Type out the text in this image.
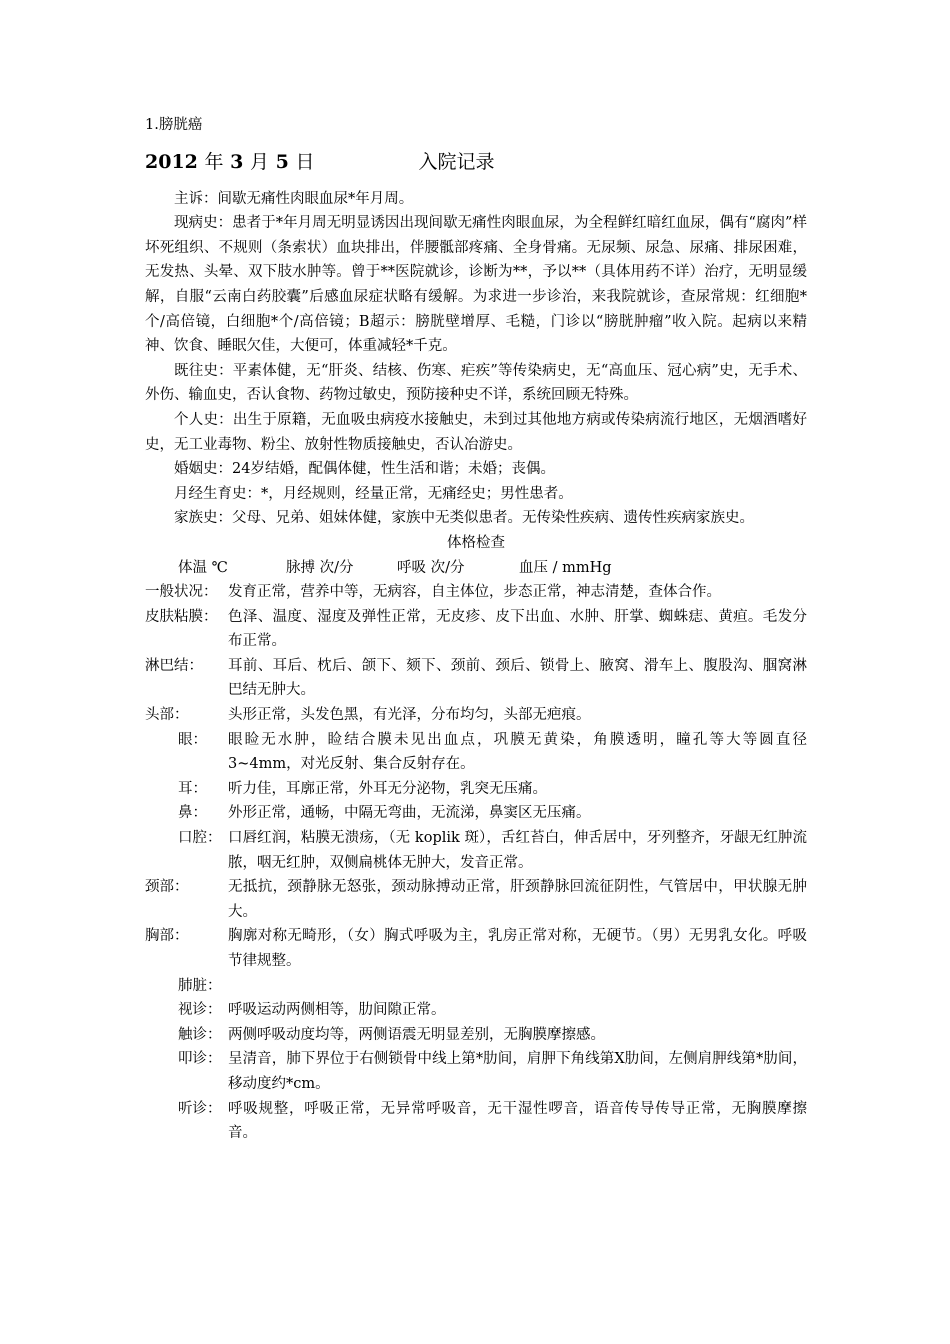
1.膀胱癌

2012 年 3 月 5 日	入院记录

主诉：间歇无痛性肉眼血尿*年月周。

现病史：患者于*年月周无明显诱因出现间歇无痛性肉眼血尿，为全程鲜红暗红血尿，偶有“腐肉”样坏死组织、不规则（条索状）血块排出，伴腰骶部疼痛、全身骨痛。无尿频、尿急、尿痛、排尿困难，无发热、头晕、双下肢水肿等。曾于**医院就诊，诊断为**，予以**（具体用药不详）治疗，无明显缓解，自服“云南白药胶囊”后感血尿症状略有缓解。为求进一步诊治，来我院就诊，查尿常规：红细胞*个/高倍镜，白细胞*个/高倍镜；B超示：膀胱壁增厚、毛糙，门诊以“膀胱肿瘤”收入院。起病以来精神、饮食、睡眠欠佳，大便可，体重减轻*千克。

既往史：平素体健，无“肝炎、结核、伤寒、疟疾”等传染病史，无“高血压、冠心病”史，无手术、外伤、输血史，否认食物、药物过敏史，预防接种史不详，系统回顾无特殊。

个人史：出生于原籍，无血吸虫病疫水接触史，未到过其他地方病或传染病流行地区，无烟酒嗜好史，无工业毒物、粉尘、放射性物质接触史，否认冶游史。

婚姻史：24岁结婚，配偶体健，性生活和谐；未婚；丧偶。

月经生育史：*，月经规则，经量正常，无痛经史；男性患者。

家族史：父母、兄弟、姐妹体健，家族中无类似患者。无传染性疾病、遗传性疾病家族史。

体格检查

体温 ℃	脉搏 次/分	呼吸 次/分	血压 / mmHg

一般状况： 发育正常，营养中等，无病容，自主体位，步态正常，神志清楚，查体合作。
皮肤粘膜： 色泽、温度、湿度及弹性正常，无皮疹、皮下出血、水肿、肝掌、蜘蛛痣、黄疸。毛发分布正常。
淋巴结：	耳前、耳后、枕后、颌下、颏下、颈前、颈后、锁骨上、腋窝、滑车上、腹股沟、腘窝淋巴结无肿大。
头部：	头形正常，头发色黑，有光泽，分布均匀，头部无疤痕。
眼：	眼睑无水肿，睑结合膜未见出血点，巩膜无黄染，角膜透明，瞳孔等大等圆直径3~4mm，对光反射、集合反射存在。
耳：	听力佳，耳廓正常，外耳无分泌物，乳突无压痛。
鼻：	外形正常，通畅，中隔无弯曲，无流涕，鼻窦区无压痛。
口腔： 口唇红润，粘膜无溃疡，（无 koplik 斑），舌红苔白，伸舌居中，牙列整齐，牙龈无红肿流脓，咽无红肿，双侧扁桃体无肿大，发音正常。
颈部：	无抵抗，颈静脉无怒张，颈动脉搏动正常，肝颈静脉回流征阴性，气管居中，甲状腺无肿大。
胸部：	胸廓对称无畸形，（女）胸式呼吸为主，乳房正常对称，无硬节。（男）无男乳女化。呼吸节律规整。
肺脏：
视诊： 呼吸运动两侧相等，肋间隙正常。
触诊： 两侧呼吸动度均等，两侧语震无明显差别，无胸膜摩擦感。
叩诊： 呈清音，肺下界位于右侧锁骨中线上第*肋间，肩胛下角线第X肋间，左侧肩胛线第*肋间，移动度约*cm。
听诊： 呼吸规整，呼吸正常，无异常呼吸音，无干湿性啰音，语音传导传导正常，无胸膜摩擦音。
